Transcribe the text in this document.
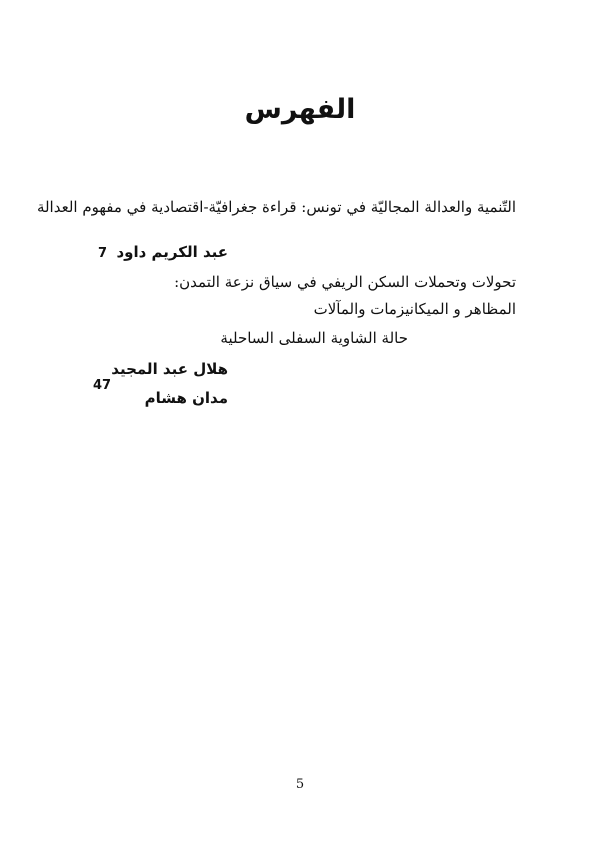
الفهرس
التّنمية والعدالة المجاليّة في تونس: قراءة جغرافيّة-اقتصادية في مفهوم العدالة
عبد الكريم داود
7
تحولات وتحملات السكن الريفي في سياق نزعة التمدن:
المظاهر و الميكانيزمات والمآلات
حالة الشاوية السفلى الساحلية
هلال عبد المجيد
مدان هشام
47
5
